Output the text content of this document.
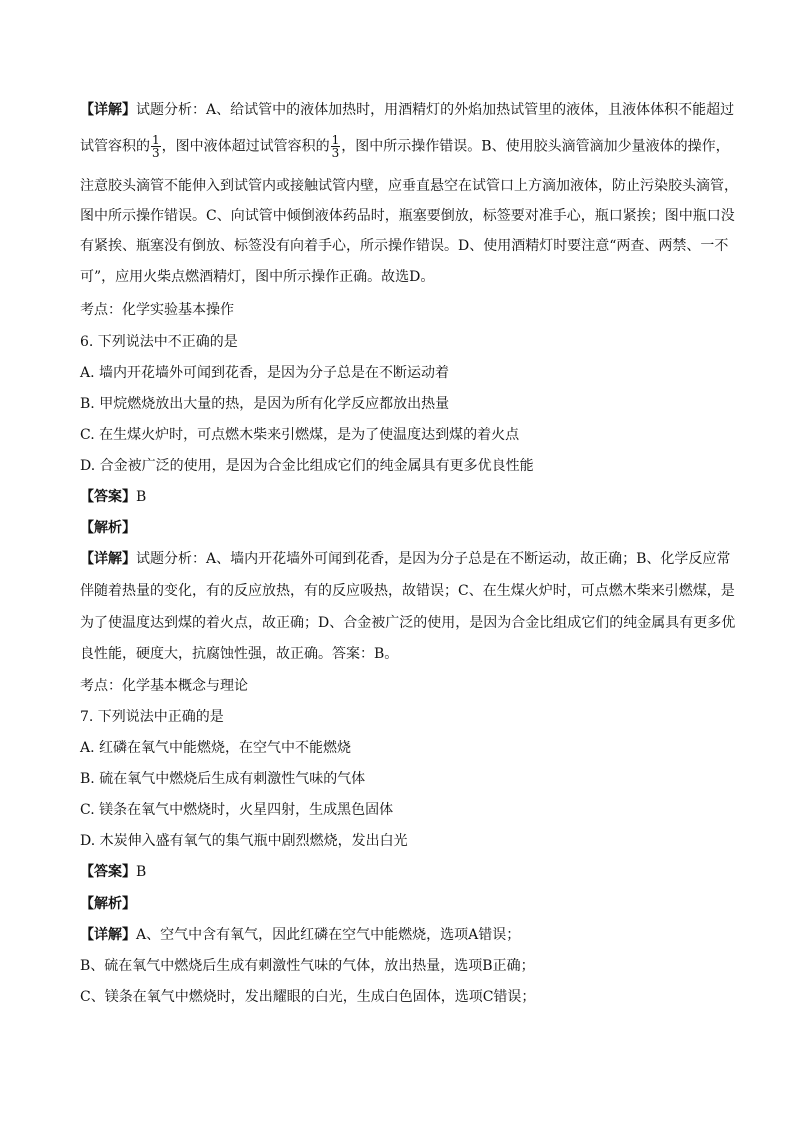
【详解】试题分析：A、给试管中的液体加热时，用酒精灯的外焰加热试管里的液体，且液体体积不能超过
试管容积的 $\frac{1}{3}$ ，图中液体超过试管容积的 $\frac{1}{3}$ ，图中所示操作错误。B、使用胶头滴管滴加少量液体的操作，
注意胶头滴管不能伸入到试管内或接触试管内壁，应垂直悬空在试管口上方滴加液体，防止污染胶头滴管，
图中所示操作错误。C、向试管中倾倒液体药品时，瓶塞要倒放，标签要对准手心，瓶口紧挨；图中瓶口没
有紧挨、瓶塞没有倒放、标签没有向着手心，所示操作错误。D、使用酒精灯时要注意“两查、两禁、一不
可”，应用火柴点燃酒精灯，图中所示操作正确。故选D。
考点：化学实验基本操作
6. 下列说法中不正确的是
A. 墙内开花墙外可闻到花香，是因为分子总是在不断运动着
B. 甲烷燃烧放出大量的热，是因为所有化学反应都放出热量
C. 在生煤火炉时，可点燃木柴来引燃煤，是为了使温度达到煤的着火点
D. 合金被广泛的使用，是因为合金比组成它们的纯金属具有更多优良性能
【答案】B
【解析】
【详解】试题分析：A、墙内开花墙外可闻到花香，是因为分子总是在不断运动，故正确；B、化学反应常
伴随着热量的变化，有的反应放热，有的反应吸热，故错误；C、在生煤火炉时，可点燃木柴来引燃煤，是
为了使温度达到煤的着火点，故正确；D、合金被广泛的使用，是因为合金比组成它们的纯金属具有更多优
良性能，硬度大，抗腐蚀性强，故正确。答案：B。
考点：化学基本概念与理论
7. 下列说法中正确的是
A. 红磷在氧气中能燃烧，在空气中不能燃烧
B. 硫在氧气中燃烧后生成有刺激性气味的气体
C. 镁条在氧气中燃烧时，火星四射，生成黑色固体
D. 木炭伸入盛有氧气的集气瓶中剧烈燃烧，发出白光
【答案】B
【解析】
【详解】A、空气中含有氧气，因此红磷在空气中能燃烧，选项A错误；
B、硫在氧气中燃烧后生成有刺激性气味的气体，放出热量，选项B正确；
C、镁条在氧气中燃烧时，发出耀眼的白光，生成白色固体，选项C错误；
